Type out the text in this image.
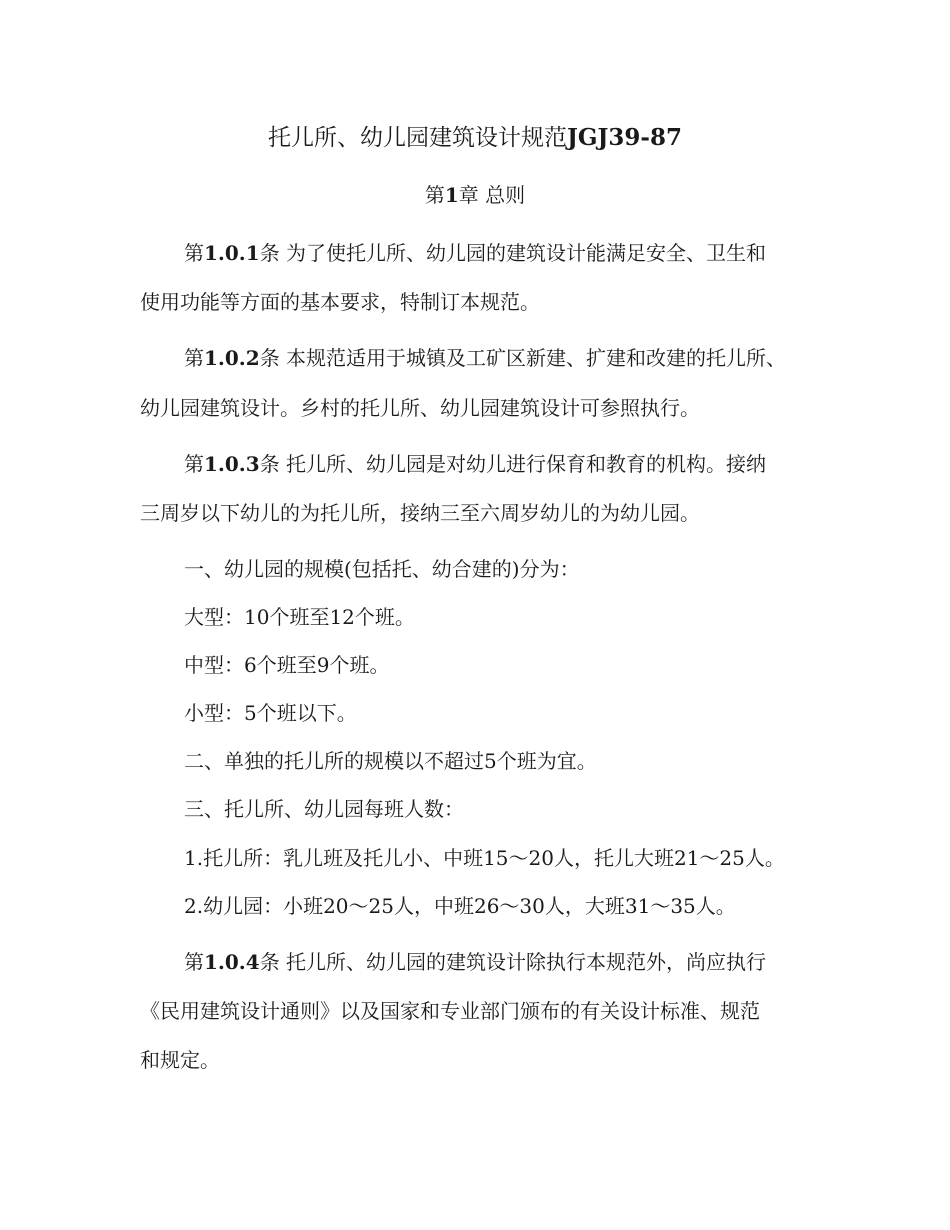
托儿所、幼儿园建筑设计规范JGJ39-87
第1章 总则
第1.0.1条 为了使托儿所、幼儿园的建筑设计能满足安全、卫生和
使用功能等方面的基本要求，特制订本规范。
第1.0.2条 本规范适用于城镇及工矿区新建、扩建和改建的托儿所、
幼儿园建筑设计。乡村的托儿所、幼儿园建筑设计可参照执行。
第1.0.3条 托儿所、幼儿园是对幼儿进行保育和教育的机构。接纳
三周岁以下幼儿的为托儿所，接纳三至六周岁幼儿的为幼儿园。
一、幼儿园的规模(包括托、幼合建的)分为：
大型：10个班至12个班。
中型：6个班至9个班。
小型：5个班以下。
二、单独的托儿所的规模以不超过5个班为宜。
三、托儿所、幼儿园每班人数：
1.托儿所：乳儿班及托儿小、中班15～20人，托儿大班21～25人。
2.幼儿园：小班20～25人，中班26～30人，大班31～35人。
第1.0.4条 托儿所、幼儿园的建筑设计除执行本规范外，尚应执行
《民用建筑设计通则》以及国家和专业部门颁布的有关设计标准、规范
和规定。
